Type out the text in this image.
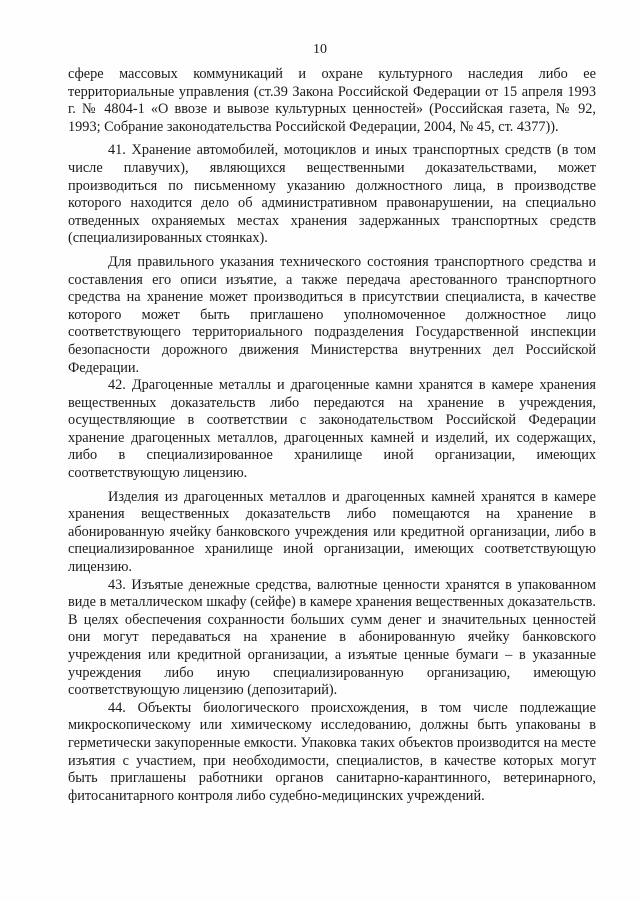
10

сфере массовых коммуникаций и охране культурного наследия либо ее территориальные управления (ст.39 Закона Российской Федерации от 15 апреля 1993 г. № 4804-1 «О ввозе и вывозе культурных ценностей» (Российская газета, № 92, 1993; Собрание законодательства Российской Федерации, 2004, № 45, ст. 4377)).

41. Хранение автомобилей, мотоциклов и иных транспортных средств (в том числе плавучих), являющихся вещественными доказательствами, может производиться по письменному указанию должностного лица, в производстве которого находится дело об административном правонарушении, на специально отведенных охраняемых местах хранения задержанных транспортных средств (специализированных стоянках).

Для правильного указания технического состояния транспортного средства и составления его описи изъятие, а также передача арестованного транспортного средства на хранение может производиться в присутствии специалиста, в качестве которого может быть приглашено уполномоченное должностное лицо соответствующего территориального подразделения Государственной инспекции безопасности дорожного движения Министерства внутренних дел Российской Федерации.

42. Драгоценные металлы и драгоценные камни хранятся в камере хранения вещественных доказательств либо передаются на хранение в учреждения, осуществляющие в соответствии с законодательством Российской Федерации хранение драгоценных металлов, драгоценных камней и изделий, их содержащих, либо в специализированное хранилище иной организации, имеющих соответствующую лицензию.

Изделия из драгоценных металлов и драгоценных камней хранятся в камере хранения вещественных доказательств либо помещаются на хранение в абонированную ячейку банковского учреждения или кредитной организации, либо в специализированное хранилище иной организации, имеющих соответствующую лицензию.

43. Изъятые денежные средства, валютные ценности хранятся в упакованном виде в металлическом шкафу (сейфе) в камере хранения вещественных доказательств. В целях обеспечения сохранности больших сумм денег и значительных ценностей они могут передаваться на хранение в абонированную ячейку банковского учреждения или кредитной организации, а изъятые ценные бумаги – в указанные учреждения либо иную специализированную организацию, имеющую соответствующую лицензию (депозитарий).

44. Объекты биологического происхождения, в том числе подлежащие микроскопическому или химическому исследованию, должны быть упакованы в герметически закупоренные емкости. Упаковка таких объектов производится на месте изъятия с участием, при необходимости, специалистов, в качестве которых могут быть приглашены работники органов санитарно-карантинного, ветеринарного, фитосанитарного контроля либо судебно-медицинских учреждений.
